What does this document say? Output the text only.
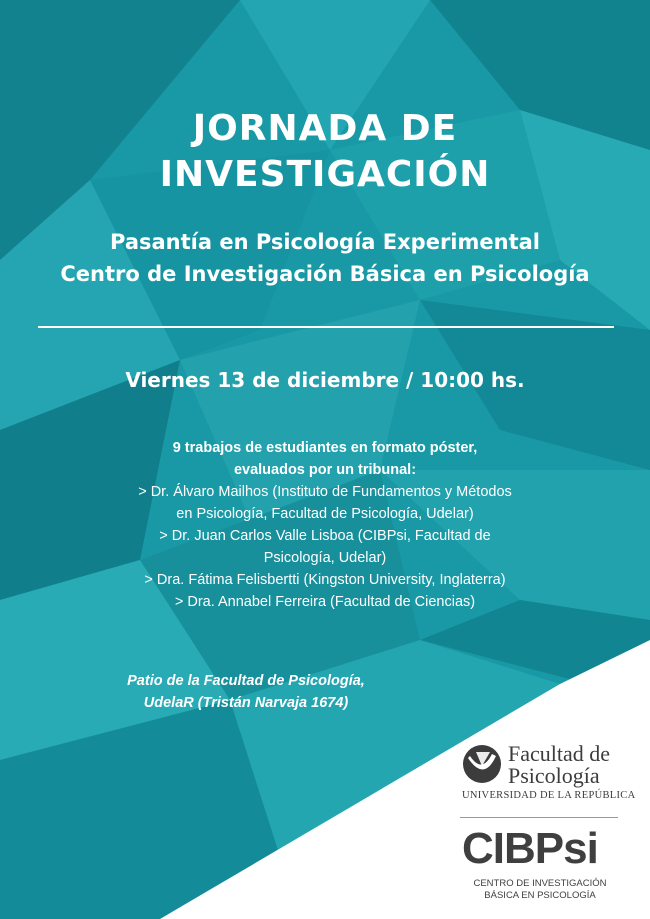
JORNADA DE
INVESTIGACIÓN
Pasantía en Psicología Experimental
Centro de Investigación Básica en Psicología
Viernes 13 de diciembre / 10:00 hs.
9 trabajos de estudiantes en formato póster,
evaluados por un tribunal:
> Dr. Álvaro Mailhos (Instituto de Fundamentos y Métodos
en Psicología, Facultad de Psicología, Udelar)
> Dr. Juan Carlos Valle Lisboa (CIBPsi, Facultad de
Psicología, Udelar)
> Dra. Fátima Felisbertti (Kingston University, Inglaterra)
> Dra. Annabel Ferreira (Facultad de Ciencias)
Patio de la Facultad de Psicología,
UdelaR (Tristán Narvaja 1674)
Facultad de
Psicología
UNIVERSIDAD DE LA REPÚBLICA
CIBPsi
CENTRO DE INVESTIGACIÓN
BÁSICA EN PSICOLOGÍA
